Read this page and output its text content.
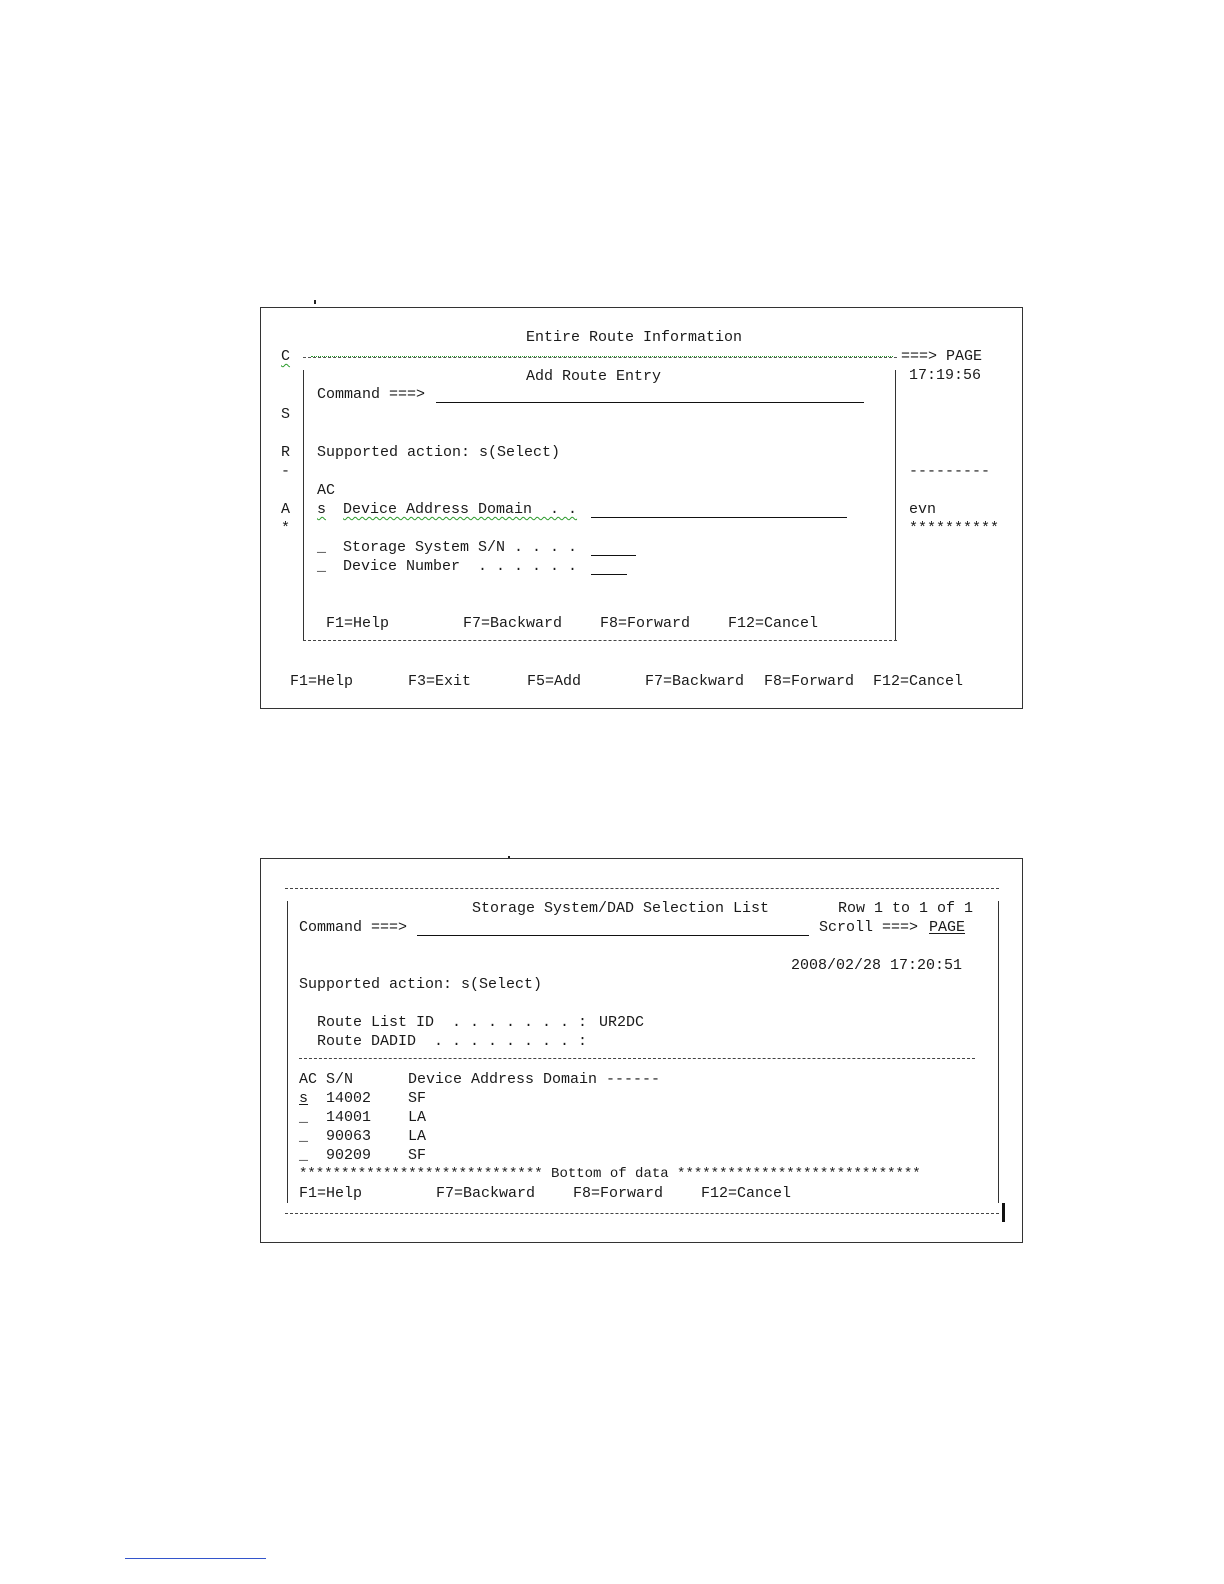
Entire Route Information
C
S
R
-
A
*
===> PAGE
17:19:56
---------
evn
**********
Add Route Entry
Command ===>
Supported action: s(Select)
AC
s Device Address Domain  . .
_ Storage System S/N . . . .
_ Device Number  . . . . . .
F1=Help	F7=Backward	F8=Forward	F12=Cancel
F1=Help	F3=Exit	F5=Add	F7=Backward F8=Forward F12=Cancel
Storage System/DAD Selection List	Row 1 to 1 of 1
Command ===>	Scroll ===> PAGE
2008/02/28 17:20:51
Supported action: s(Select)
Route List ID  . . . . . . . : UR2DC
Route DADID  . . . . . . . . :
AC S/N	Device Address Domain ------
s 14002 SF
_ 14001 LA
_ 90063 LA
_ 90209 SF
***************************** Bottom of data *****************************
F1=Help	F7=Backward	F8=Forward	F12=Cancel
